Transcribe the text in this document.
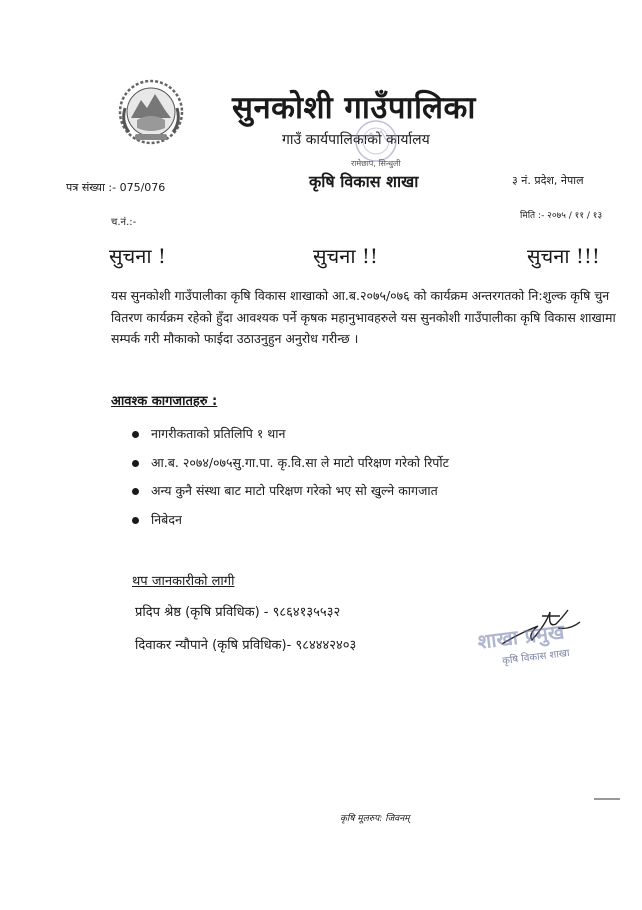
सुनकोशी गाउँपालिका
गाउँ कार्यपालिकाको कार्यालय
रामेछाप, सिन्धुली
कृषि विकास शाखा
पत्र संख्या :- 075/076
३ नं. प्रदेश, नेपाल
च.नं.:-
मिति :- २०७५ / ११ / १३
सुचना !	सुचना !!	सुचना !!!
यस सुनकोशी गाउँपालीका कृषि विकास शाखाको आ.ब.२०७५/०७६ को कार्यक्रम अन्तरगतको नि:शुल्क कृषि चुन वितरण कार्यक्रम रहेको हुँदा आवश्यक पर्ने कृषक महानुभावहरुले यस सुनकोशी गाउँपालीका कृषि विकास शाखामा सम्पर्क गरी मौकाको फाईदा उठाउनुहुन अनुरोध गरीन्छ ।
आवश्क कागजातहरु :
नागरीकताको प्रतिलिपि १ थान
आ.ब. २०७४/०७५सु.गा.पा. कृ.वि.सा ले माटो परिक्षण गरेको रिर्पोट
अन्य कुनै संस्था बाट माटो परिक्षण गरेको भए सो खुल्ने कागजात
निबेदन
थप जानकारीको लागी
प्रदिप श्रेष्ठ (कृषि प्रविधिक) - ९८६४१३५५३२
दिवाकर न्यौपाने (कृषि प्रविधिक)- ९८४४४२४०३	शाखा प्रमुख
कृषि विकास शाखा
कृषि मूलरुप: जिवनम्
